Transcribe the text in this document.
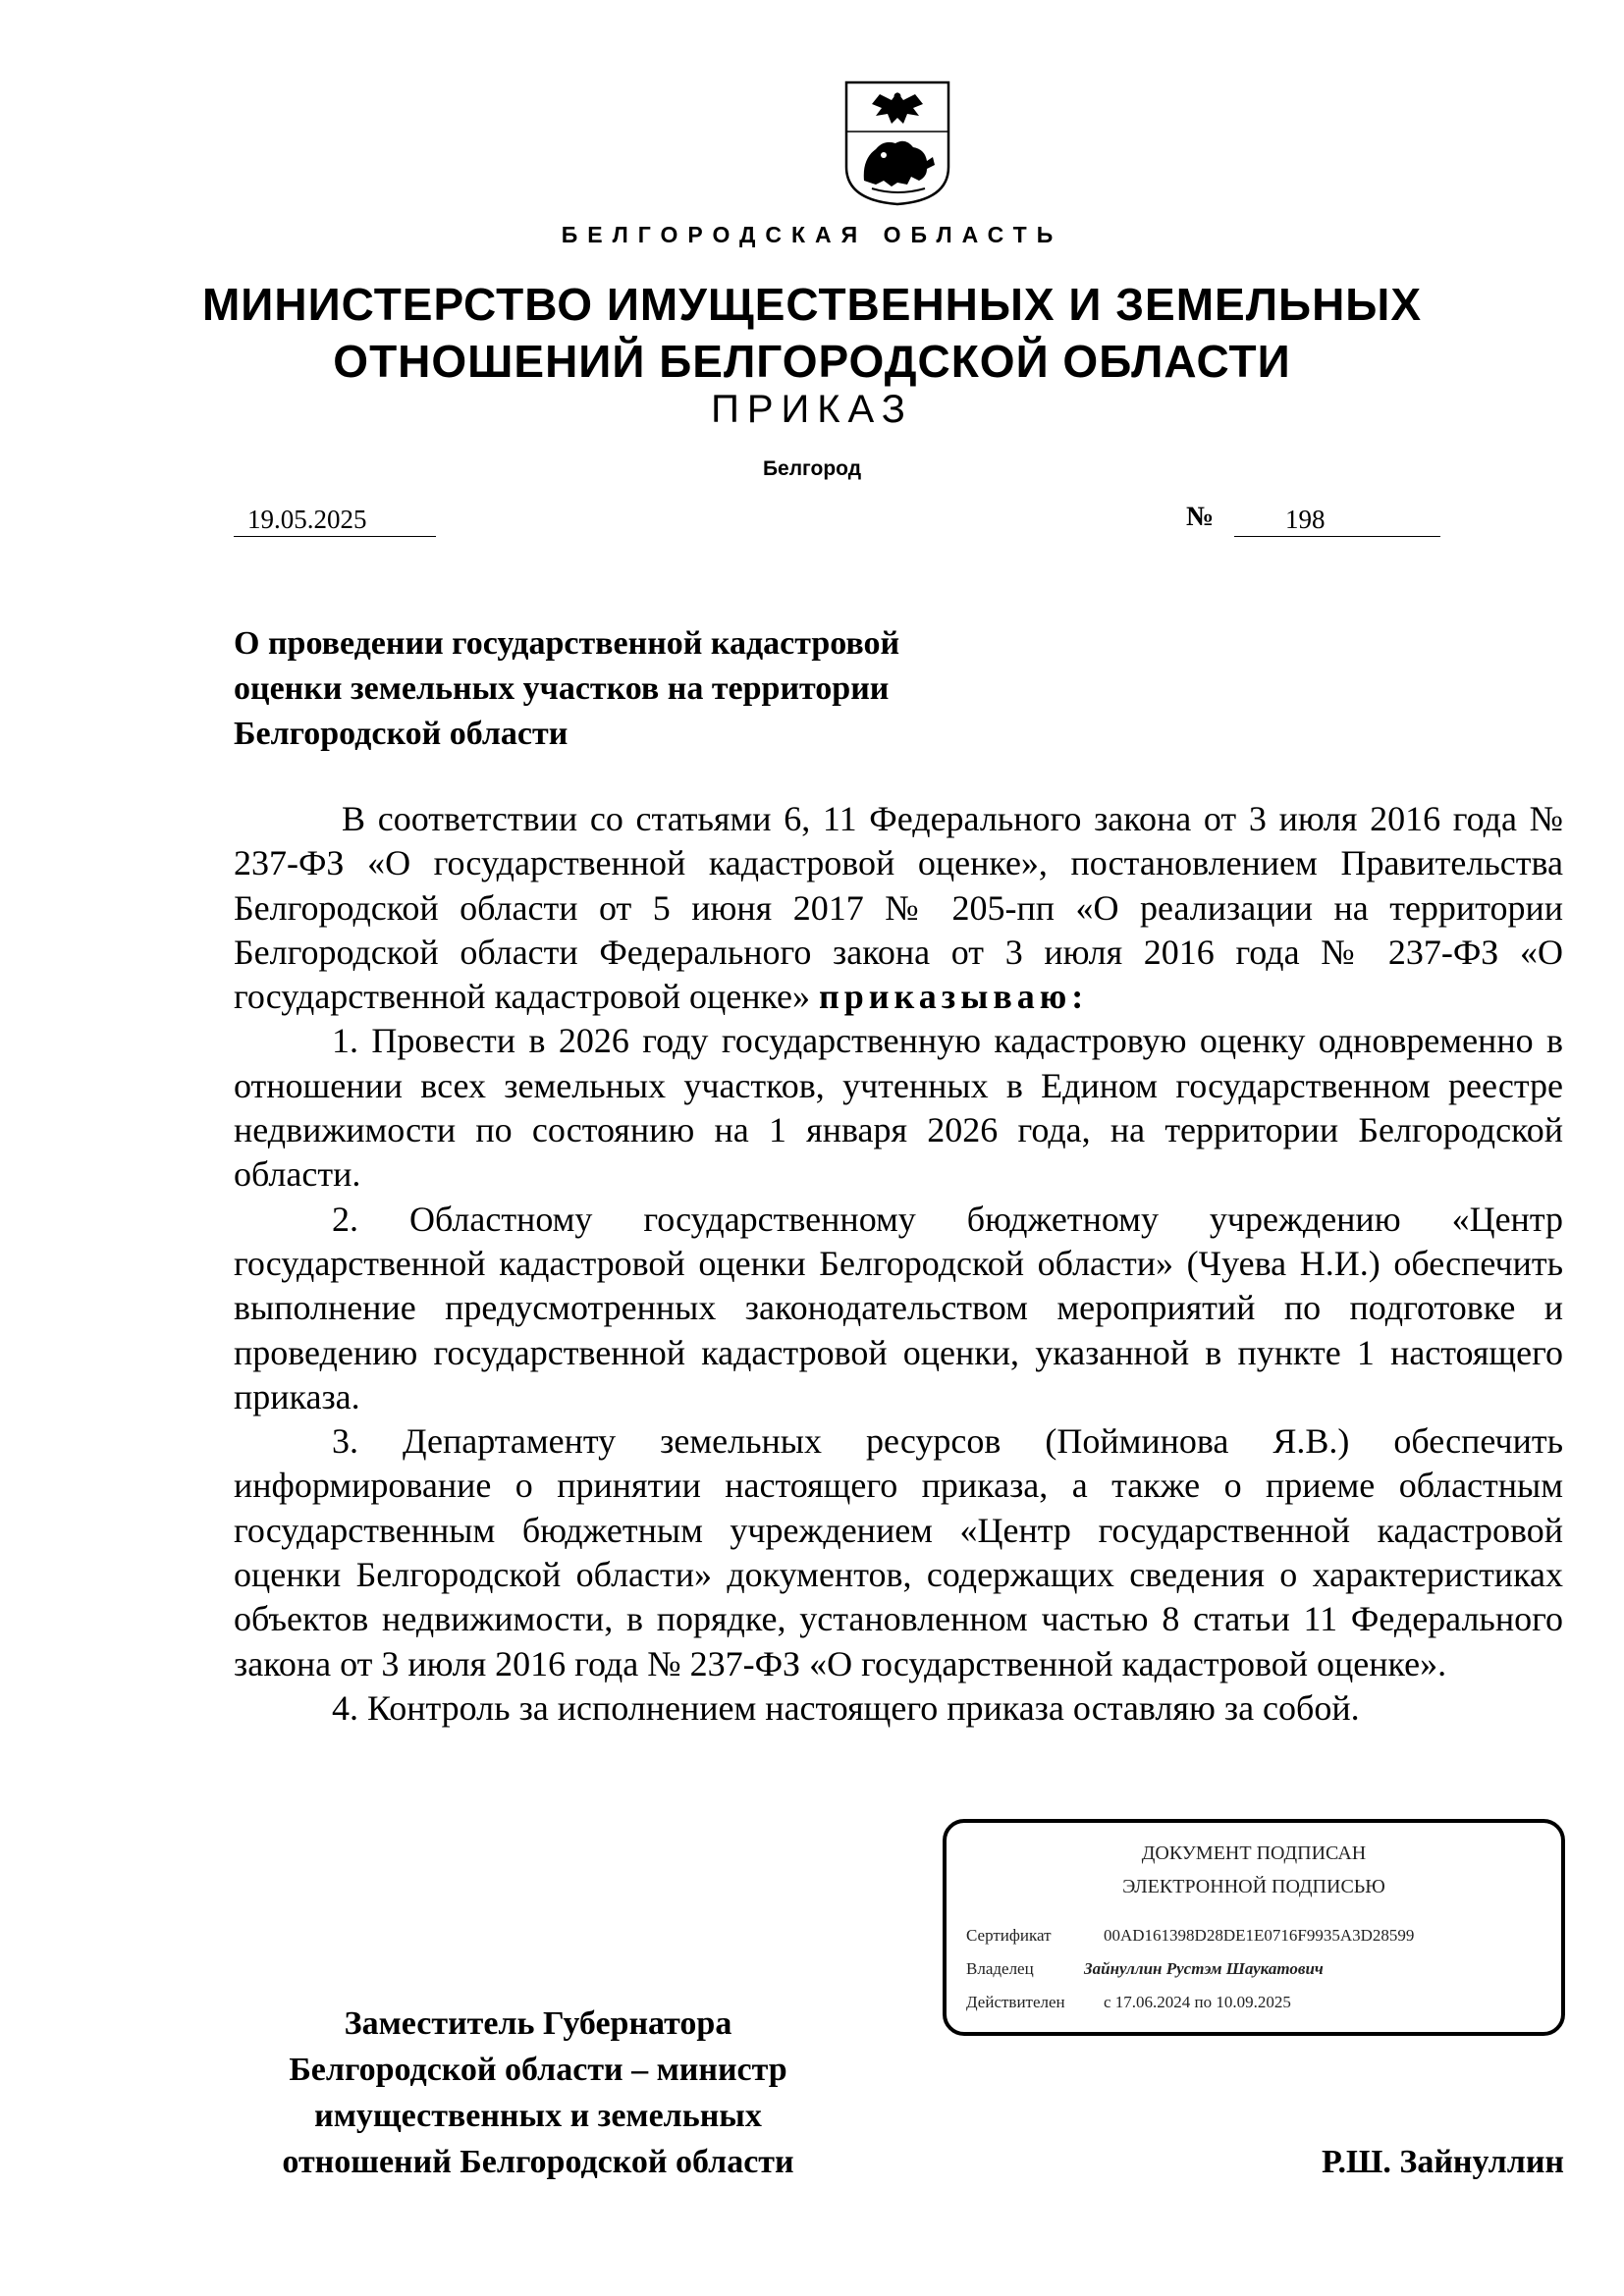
БЕЛГОРОДСКАЯ ОБЛАСТЬ
МИНИСТЕРСТВО ИМУЩЕСТВЕННЫХ И ЗЕМЕЛЬНЫХ
ОТНОШЕНИЙ БЕЛГОРОДСКОЙ ОБЛАСТИ
ПРИКАЗ
Белгород
19.05.2025	№	198
О проведении государственной кадастровой
оценки земельных участков на территории
Белгородской области

В соответствии со статьями 6, 11 Федерального закона от 3 июля 2016 года № 237-ФЗ «О государственной кадастровой оценке», постановлением Правительства Белгородской области от 5 июня 2017 № 205-пп «О реализации на территории Белгородской области Федерального закона от 3 июля 2016 года № 237-ФЗ «О государственной кадастровой оценке» приказываю:

1. Провести в 2026 году государственную кадастровую оценку одновременно в отношении всех земельных участков, учтенных в Едином государственном реестре недвижимости по состоянию на 1 января 2026 года, на территории Белгородской области.

2. Областному государственному бюджетному учреждению «Центр государственной кадастровой оценки Белгородской области» (Чуева Н.И.) обеспечить выполнение предусмотренных законодательством мероприятий по подготовке и проведению государственной кадастровой оценки, указанной в пункте 1 настоящего приказа.

3. Департаменту земельных ресурсов (Пойминова Я.В.) обеспечить информирование о принятии настоящего приказа, а также о приеме областным государственным бюджетным учреждением «Центр государственной кадастровой оценки Белгородской области» документов, содержащих сведения о характеристиках объектов недвижимости, в порядке, установленном частью 8 статьи 11 Федерального закона от 3 июля 2016 года № 237-ФЗ «О государственной кадастровой оценке».

4. Контроль за исполнением настоящего приказа оставляю за собой.

ДОКУМЕНТ ПОДПИСАН
ЭЛЕКТРОННОЙ ПОДПИСЬЮ
Сертификат	00AD161398D28DE1E0716F9935A3D28599
Владелец	Зайнуллин Рустэм Шаукатович
Действителен с 17.06.2024 по 10.09.2025
Заместитель Губернатора
Белгородской области – министр
имущественных и земельных
отношений Белгородской области	Р.Ш. Зайнуллин
